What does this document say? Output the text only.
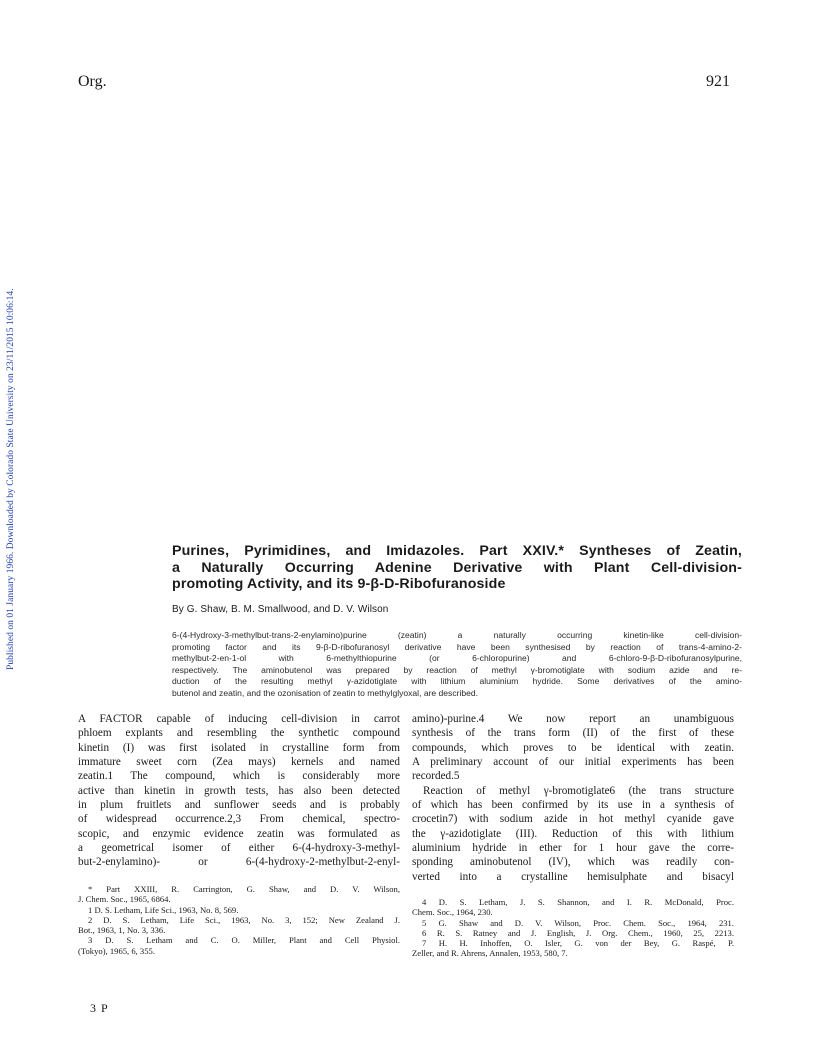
Org.	921
Published on 01 January 1966. Downloaded by Colorado State University on 23/11/2015 10:06:14.	Purines, Pyrimidines, and Imidazoles. Part XXIV.* Syntheses of Zeatin,
a Naturally Occurring Adenine Derivative with Plant Cell-division-
promoting Activity, and its 9-β-D-Ribofuranoside
By G. Shaw, B. M. Smallwood, and D. V. Wilson
6-(4-Hydroxy-3-methylbut-trans-2-enylamino)purine (zeatin) a naturally occurring kinetin-like cell-division-
promoting factor and its 9-β-D-ribofuranosyl derivative have been synthesised by reaction of trans-4-amino-2-
methylbut-2-en-1-ol with 6-methylthiopurine (or 6-chloropurine) and 6-chloro-9-β-D-ribofuranosylpurine,
respectively. The aminobutenol was prepared by reaction of methyl γ-bromotiglate with sodium azide and re-
duction of the resulting methyl γ-azidotiglate with lithium aluminium hydride. Some derivatives of the amino-
butenol and zeatin, and the ozonisation of zeatin to methylglyoxal, are described.
A FACTOR capable of inducing cell-division in carrot
phloem explants and resembling the synthetic compound
kinetin (I) was first isolated in crystalline form from
immature sweet corn (Zea mays) kernels and named
zeatin.1 The compound, which is considerably more
active than kinetin in growth tests, has also been detected
in plum fruitlets and sunflower seeds and is probably
of widespread occurrence.2,3 From chemical, spectro-
scopic, and enzymic evidence zeatin was formulated as
a geometrical isomer of either 6-(4-hydroxy-3-methyl-
but-2-enylamino)- or 6-(4-hydroxy-2-methylbut-2-enyl-
amino)-purine.4 We now report an unambiguous
synthesis of the trans form (II) of the first of these
compounds, which proves to be identical with zeatin.
A preliminary account of our initial experiments has been
recorded.5
Reaction of methyl γ-bromotiglate6 (the trans structure
of which has been confirmed by its use in a synthesis of
crocetin7) with sodium azide in hot methyl cyanide gave
the γ-azidotiglate (III). Reduction of this with lithium
aluminium hydride in ether for 1 hour gave the corre-
sponding aminobutenol (IV), which was readily con-
verted into a crystalline hemisulphate and bisacyl
* Part XXIII, R. Carrington, G. Shaw, and D. V. Wilson,
J. Chem. Soc., 1965, 6864.
1 D. S. Letham, Life Sci., 1963, No. 8, 569.
2 D. S. Letham, Life Sci., 1963, No. 3, 152; New Zealand J.
Bot., 1963, 1, No. 3, 336.
3 D. S. Letham and C. O. Miller, Plant and Cell Physiol.
(Tokyo), 1965, 6, 355.
4 D. S. Letham, J. S. Shannon, and I. R. McDonald, Proc.
Chem. Soc., 1964, 230.
5 G. Shaw and D. V. Wilson, Proc. Chem. Soc., 1964, 231.
6 R. S. Ratney and J. English, J. Org. Chem., 1960, 25, 2213.
7 H. H. Inhoffen, O. Isler, G. von der Bey, G. Raspé, P.
Zeller, and R. Ahrens, Annalen, 1953, 580, 7.
3 P
